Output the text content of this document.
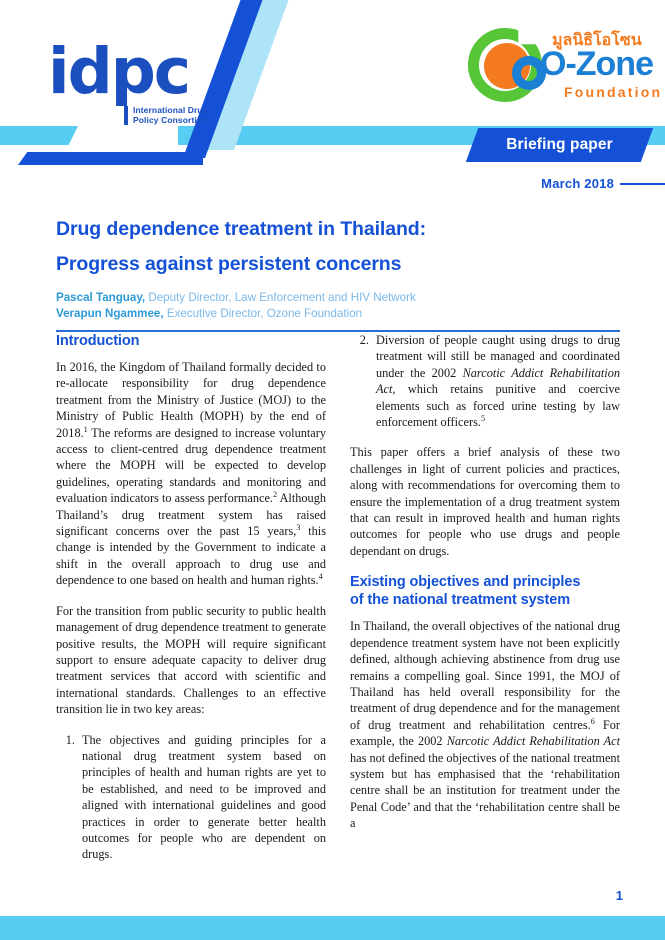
idpc
International Drug
Policy Consortium
มูลนิธิโอโซน
O-Zone
Foundation
Briefing paper
March 2018
Drug dependence treatment in Thailand:
Progress against persistent concerns
Pascal Tanguay, Deputy Director, Law Enforcement and HIV Network
Verapun Ngammee, Executive Director, Ozone Foundation
Introduction

In 2016, the Kingdom of Thailand formally decided to re-allocate responsibility for drug dependence treatment from the Ministry of Justice (MOJ) to the Ministry of Public Health (MOPH) by the end of 2018.$^1$ The reforms are designed to increase voluntary access to client-centred drug dependence treatment where the MOPH will be expected to develop guidelines, operating standards and monitoring and evaluation indicators to assess performance.$^2$ Although Thailand’s drug treatment system has raised significant concerns over the past 15 years,$^3$ this change is intended by the Government to indicate a shift in the overall approach to drug use and dependence to one based on health and human rights.$^4$

For the transition from public security to public health management of drug dependence treatment to generate positive results, the MOPH will require significant support to ensure adequate capacity to deliver drug treatment services that accord with scientific and international standards. Challenges to an effective transition lie in two key areas:

1. The objectives and guiding principles for a national drug treatment system based on principles of health and human rights are yet to be established, and need to be improved and aligned with international guidelines and good practices in order to generate better health outcomes for people who are dependent on drugs.
2. Diversion of people caught using drugs to drug treatment will still be managed and coordinated under the 2002 Narcotic Addict Rehabilitation Act, which retains punitive and coercive elements such as forced urine testing by law enforcement officers.$^5$

This paper offers a brief analysis of these two challenges in light of current policies and practices, along with recommendations for overcoming them to ensure the implementation of a drug treatment system that can result in improved health and human rights outcomes for people who use drugs and people dependant on drugs.

Existing objectives and principles
of the national treatment system

In Thailand, the overall objectives of the national drug dependence treatment system have not been explicitly defined, although achieving abstinence from drug use remains a compelling goal. Since 1991, the MOJ of Thailand has held overall responsibility for the treatment of drug dependence and for the management of drug treatment and rehabilitation centres.$^6$ For example, the 2002 Narcotic Addict Rehabilitation Act has not defined the objectives of the national treatment system but has emphasised that the ‘rehabilitation centre shall be an institution for treatment under the Penal Code’ and that the ‘rehabilitation centre shall be a

1
